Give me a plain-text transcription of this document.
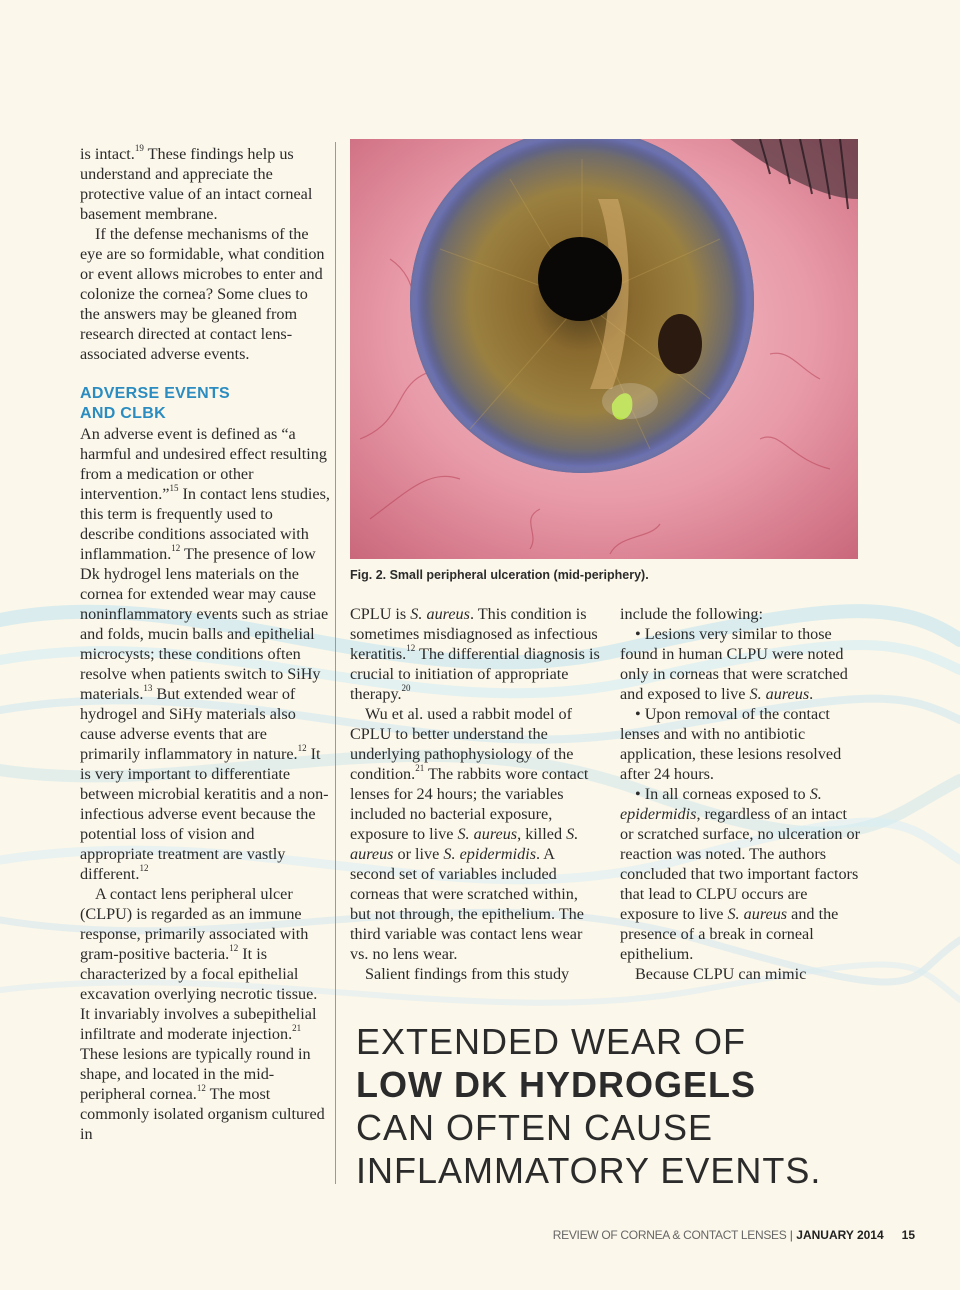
is intact.$^{19}$ These findings help us understand and appreciate the protective value of an intact corneal basement membrane.

If the defense mechanisms of the eye are so formidable, what condition or event allows microbes to enter and colonize the cornea? Some clues to the answers may be gleaned from research directed at contact lens-associated adverse events.

ADVERSE EVENTS
AND CLBK

An adverse event is defined as “a harmful and undesired effect resulting from a medication or other intervention.”$^{15}$ In contact lens studies, this term is frequently used to describe conditions associated with inflammation.$^{12}$ The presence of low Dk hydrogel lens materials on the cornea for extended wear may cause noninflammatory events such as striae and folds, mucin balls and epithelial microcysts; these conditions often resolve when patients switch to SiHy materials.$^{13}$ But extended wear of hydrogel and SiHy materials also cause adverse events that are primarily inflammatory in nature.$^{12}$ It is very important to differentiate between microbial keratitis and a non-infectious adverse event because the potential loss of vision and appropriate treatment are vastly different.$^{12}$

A contact lens peripheral ulcer (CLPU) is regarded as an immune response, primarily associated with gram-positive bacteria.$^{12}$ It is characterized by a focal epithelial excavation overlying necrotic tissue. It invariably involves a subepithelial infiltrate and moderate injection.$^{21}$ These lesions are typically round in shape, and located in the mid-peripheral cornea.$^{12}$ The most commonly isolated organism cultured in

Fig. 2. Small peripheral ulceration (mid-periphery).

CPLU is S. aureus. This condition is sometimes misdiagnosed as infectious keratitis.$^{12}$ The differential diagnosis is crucial to initiation of appropriate therapy.$^{20}$

Wu et al. used a rabbit model of CPLU to better understand the underlying pathophysiology of the condition.$^{21}$ The rabbits wore contact lenses for 24 hours; the variables included no bacterial exposure, exposure to live S. aureus, killed S. aureus or live S. epidermidis. A second set of variables included corneas that were scratched within, but not through, the epithelium. The third variable was contact lens wear vs. no lens wear.

Salient findings from this study

include the following:

• Lesions very similar to those found in human CLPU were noted only in corneas that were scratched and exposed to live S. aureus.

• Upon removal of the contact lenses and with no antibiotic application, these lesions resolved after 24 hours.

• In all corneas exposed to S. epidermidis, regardless of an intact or scratched surface, no ulceration or reaction was noted. The authors concluded that two important factors that lead to CLPU occurs are exposure to live S. aureus and the presence of a break in corneal epithelium.

Because CLPU can mimic

EXTENDED WEAR OF
LOW DK HYDROGELS
CAN OFTEN CAUSE
INFLAMMATORY EVENTS.
REVIEW OF CORNEA & CONTACT LENSES | JANUARY 2014 15
